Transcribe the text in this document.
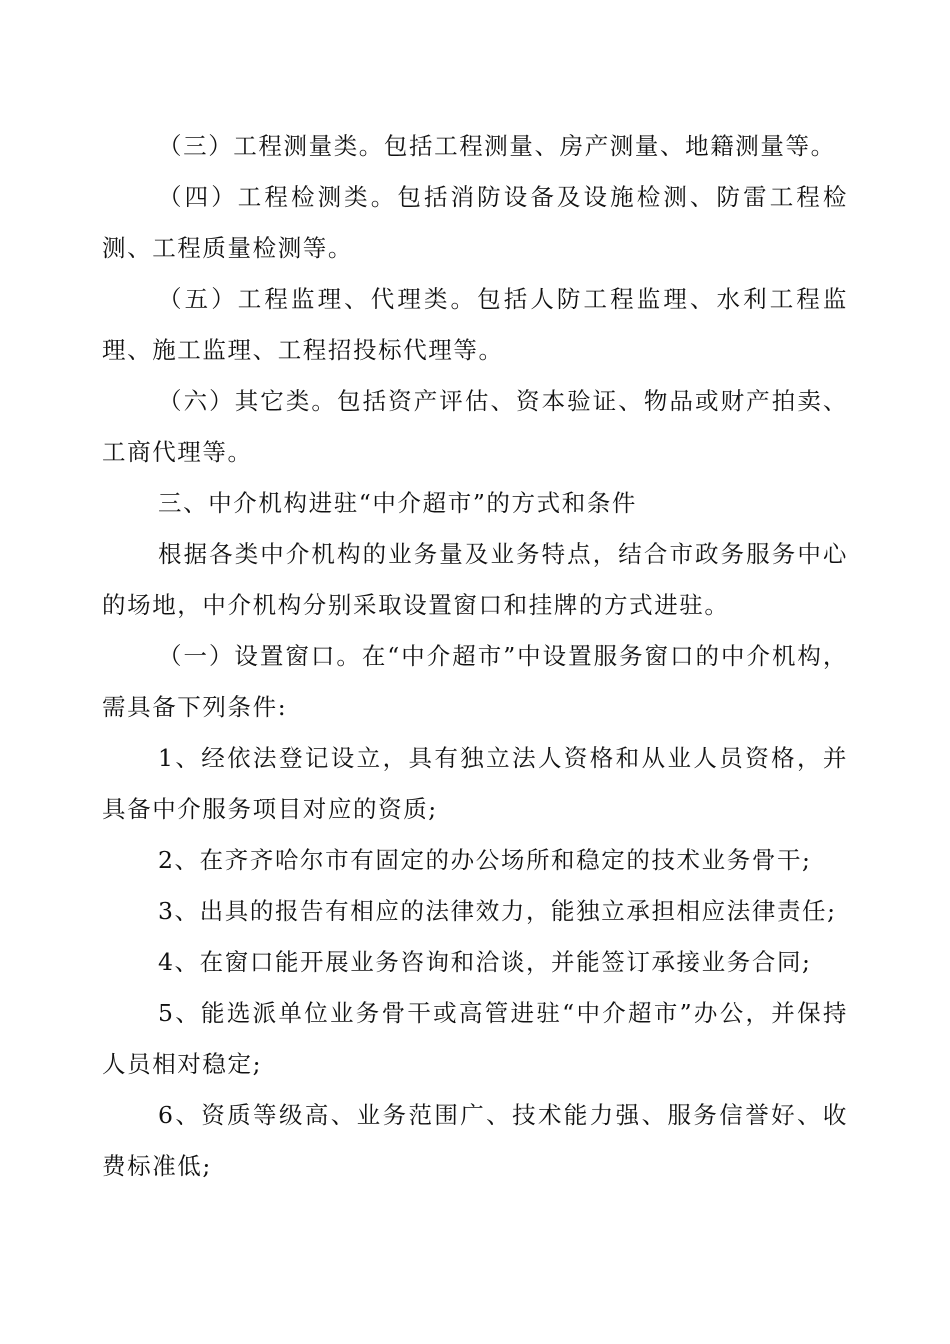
（三）工程测量类。包括工程测量、房产测量、地籍测量等。

（四）工程检测类。包括消防设备及设施检测、防雷工程检测、工程质量检测等。

（五）工程监理、代理类。包括人防工程监理、水利工程监理、施工监理、工程招投标代理等。

（六）其它类。包括资产评估、资本验证、物品或财产拍卖、工商代理等。

三、中介机构进驻“中介超市”的方式和条件

根据各类中介机构的业务量及业务特点，结合市政务服务中心的场地，中介机构分别采取设置窗口和挂牌的方式进驻。

（一）设置窗口。在“中介超市”中设置服务窗口的中介机构，需具备下列条件:

1、经依法登记设立，具有独立法人资格和从业人员资格，并具备中介服务项目对应的资质;

2、在齐齐哈尔市有固定的办公场所和稳定的技术业务骨干;

3、出具的报告有相应的法律效力，能独立承担相应法律责任;

4、在窗口能开展业务咨询和洽谈，并能签订承接业务合同;

5、能选派单位业务骨干或高管进驻“中介超市”办公，并保持人员相对稳定;

6、资质等级高、业务范围广、技术能力强、服务信誉好、收费标准低;
